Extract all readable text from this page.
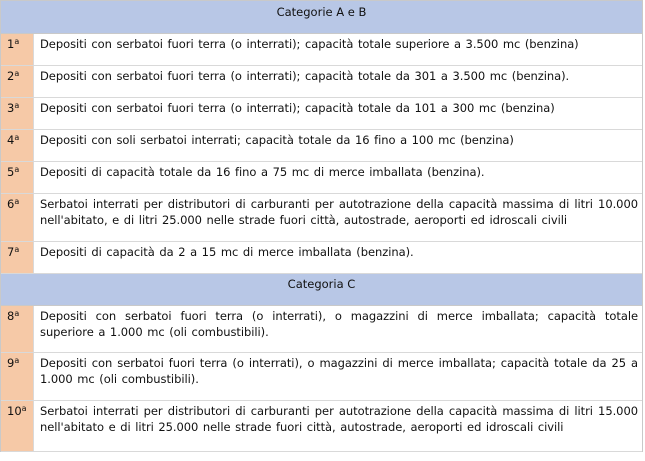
Categorie A e B
1$^a$	Depositi con serbatoi fuori terra (o interrati); capacità totale superiore a 3.500 mc (benzina)
2$^a$	Depositi con serbatoi fuori terra (o interrati); capacità totale da 301 a 3.500 mc (benzina).
3$^a$	Depositi con serbatoi fuori terra (o interrati); capacità totale da 101 a 300 mc (benzina)
4$^a$	Depositi con soli serbatoi interrati; capacità totale da 16 fino a 100 mc (benzina)
5$^a$	Depositi di capacità totale da 16 fino a 75 mc di merce imballata (benzina).
6$^a$	Serbatoi interrati per distributori di carburanti per autotrazione della capacità massima di litri 10.000 nell'abitato, e di litri 25.000 nelle strade fuori città, autostrade, aeroporti ed idroscali civili
7$^a$	Depositi di capacità da 2 a 15 mc di merce imballata (benzina).
Categoria C
8$^a$	Depositi con serbatoi fuori terra (o interrati), o magazzini di merce imballata; capacità totale superiore a 1.000 mc (oli combustibili).
9$^a$	Depositi con serbatoi fuori terra (o interrati), o magazzini di merce imballata; capacità totale da 25 a 1.000 mc (oli combustibili).
10$^a$	Serbatoi interrati per distributori di carburanti per autotrazione della capacità massima di litri 15.000 nell'abitato e di litri 25.000 nelle strade fuori città, autostrade, aeroporti ed idroscali civili
